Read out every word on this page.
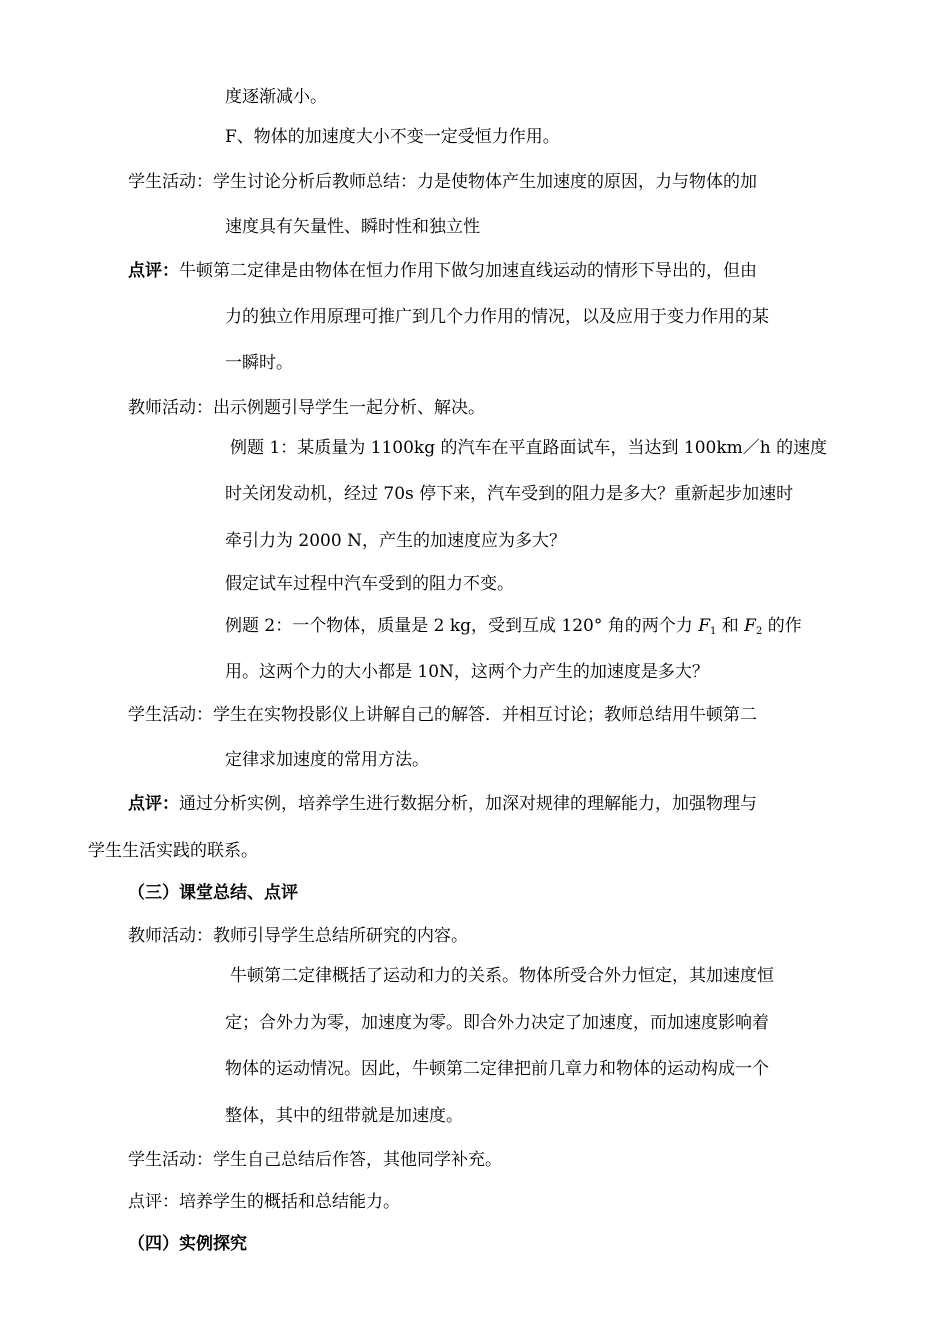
度逐渐减小。
F、物体的加速度大小不变一定受恒力作用。
学生活动：学生讨论分析后教师总结：力是使物体产生加速度的原因，力与物体的加
速度具有矢量性、瞬时性和独立性
点评：牛顿第二定律是由物体在恒力作用下做匀加速直线运动的情形下导出的，但由
力的独立作用原理可推广到几个力作用的情况，以及应用于变力作用的某
一瞬时。
教师活动：出示例题引导学生一起分析、解决。
例题 1：某质量为 1100kg 的汽车在平直路面试车，当达到 100km／h 的速度
时关闭发动机，经过 70s 停下来，汽车受到的阻力是多大？重新起步加速时
牵引力为 2000 N，产生的加速度应为多大？
假定试车过程中汽车受到的阻力不变。
例题 2：一个物体，质量是 2 kg，受到互成 120° 角的两个力 $F_1$ 和 $F_2$ 的作
用。这两个力的大小都是 10N，这两个力产生的加速度是多大？
学生活动：学生在实物投影仪上讲解自己的解答．并相互讨论；教师总结用牛顿第二
定律求加速度的常用方法。
点评：通过分析实例，培养学生进行数据分析，加深对规律的理解能力，加强物理与
学生生活实践的联系。
（三）课堂总结、点评
教师活动：教师引导学生总结所研究的内容。
牛顿第二定律概括了运动和力的关系。物体所受合外力恒定，其加速度恒
定；合外力为零，加速度为零。即合外力决定了加速度，而加速度影响着
物体的运动情况。因此，牛顿第二定律把前几章力和物体的运动构成一个
整体，其中的纽带就是加速度。
学生活动：学生自己总结后作答，其他同学补充。
点评：培养学生的概括和总结能力。
（四）实例探究
